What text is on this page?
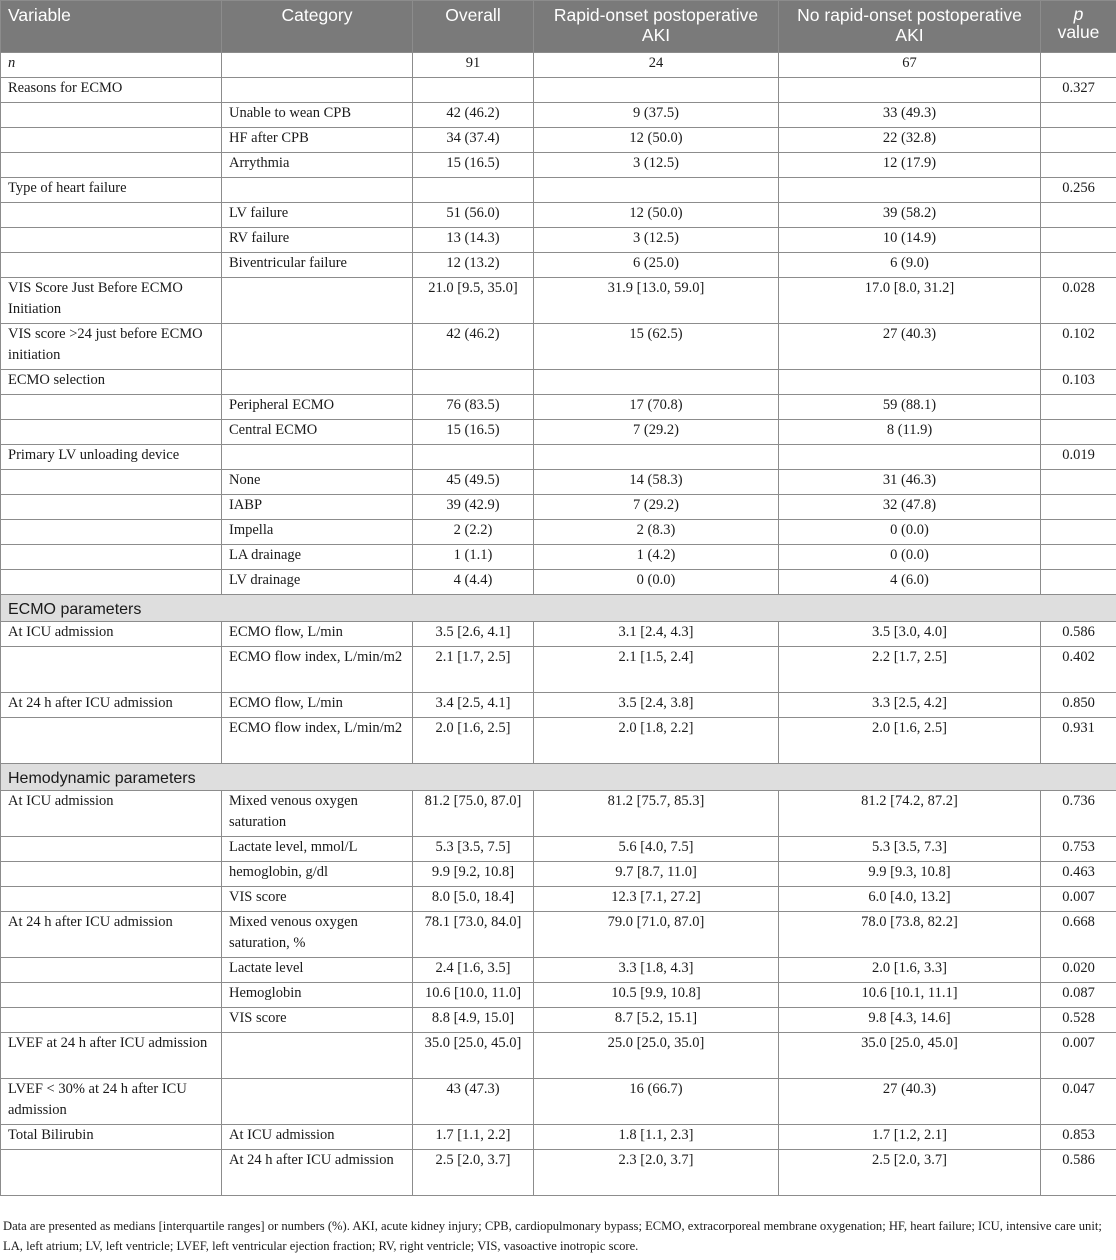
Variable	Category	Overall	Rapid-onset postoperative AKI	No rapid-onset postoperative AKI	p
value

n		91	24	67	
Reasons for ECMO					0.327
	Unable to wean CPB	42 (46.2)	9 (37.5)	33 (49.3)	
	HF after CPB	34 (37.4)	12 (50.0)	22 (32.8)	
	Arrythmia	15 (16.5)	3 (12.5)	12 (17.9)	
Type of heart failure					0.256
	LV failure	51 (56.0)	12 (50.0)	39 (58.2)	
	RV failure	13 (14.3)	3 (12.5)	10 (14.9)	
	Biventricular failure	12 (13.2)	6 (25.0)	6 (9.0)	
VIS Score Just Before ECMO Initiation		21.0 [9.5, 35.0]	31.9 [13.0, 59.0]	17.0 [8.0, 31.2]	0.028
VIS score >24 just before ECMO initiation		42 (46.2)	15 (62.5)	27 (40.3)	0.102
ECMO selection					0.103
	Peripheral ECMO	76 (83.5)	17 (70.8)	59 (88.1)	
	Central ECMO	15 (16.5)	7 (29.2)	8 (11.9)	
Primary LV unloading device					0.019
	None	45 (49.5)	14 (58.3)	31 (46.3)	
	IABP	39 (42.9)	7 (29.2)	32 (47.8)	
	Impella	2 (2.2)	2 (8.3)	0 (0.0)	
	LA drainage	1 (1.1)	1 (4.2)	0 (0.0)	
	LV drainage	4 (4.4)	0 (0.0)	4 (6.0)	
ECMO parameters					
At ICU admission	ECMO flow, L/min	3.5 [2.6, 4.1]	3.1 [2.4, 4.3]	3.5 [3.0, 4.0]	0.586
	ECMO flow index, L/min/m2	2.1 [1.7, 2.5]	2.1 [1.5, 2.4]	2.2 [1.7, 2.5]	0.402
At 24 h after ICU admission	ECMO flow, L/min	3.4 [2.5, 4.1]	3.5 [2.4, 3.8]	3.3 [2.5, 4.2]	0.850
	ECMO flow index, L/min/m2	2.0 [1.6, 2.5]	2.0 [1.8, 2.2]	2.0 [1.6, 2.5]	0.931
Hemodynamic parameters					
At ICU admission	Mixed venous oxygen saturation	81.2 [75.0, 87.0]	81.2 [75.7, 85.3]	81.2 [74.2, 87.2]	0.736
	Lactate level, mmol/L	5.3 [3.5, 7.5]	5.6 [4.0, 7.5]	5.3 [3.5, 7.3]	0.753
	hemoglobin, g/dl	9.9 [9.2, 10.8]	9.7 [8.7, 11.0]	9.9 [9.3, 10.8]	0.463
	VIS score	8.0 [5.0, 18.4]	12.3 [7.1, 27.2]	6.0 [4.0, 13.2]	0.007
At 24 h after ICU admission	Mixed venous oxygen saturation, %	78.1 [73.0, 84.0]	79.0 [71.0, 87.0]	78.0 [73.8, 82.2]	0.668
	Lactate level	2.4 [1.6, 3.5]	3.3 [1.8, 4.3]	2.0 [1.6, 3.3]	0.020
	Hemoglobin	10.6 [10.0, 11.0]	10.5 [9.9, 10.8]	10.6 [10.1, 11.1]	0.087
	VIS score	8.8 [4.9, 15.0]	8.7 [5.2, 15.1]	9.8 [4.3, 14.6]	0.528
LVEF at 24 h after ICU admission		35.0 [25.0, 45.0]	25.0 [25.0, 35.0]	35.0 [25.0, 45.0]	0.007
LVEF < 30% at 24 h after ICU admission		43 (47.3)	16 (66.7)	27 (40.3)	0.047
Total Bilirubin	At ICU admission	1.7 [1.1, 2.2]	1.8 [1.1, 2.3]	1.7 [1.2, 2.1]	0.853
	At 24 h after ICU admission	2.5 [2.0, 3.7]	2.3 [2.0, 3.7]	2.5 [2.0, 3.7]	0.586
Data are presented as medians [interquartile ranges] or numbers (%). AKI, acute kidney injury; CPB, cardiopulmonary bypass; ECMO, extracorporeal membrane oxygenation; HF, heart failure; ICU, intensive care unit; LA, left atrium; LV, left ventricle; LVEF, left ventricular ejection fraction; RV, right ventricle; VIS, vasoactive inotropic score.
